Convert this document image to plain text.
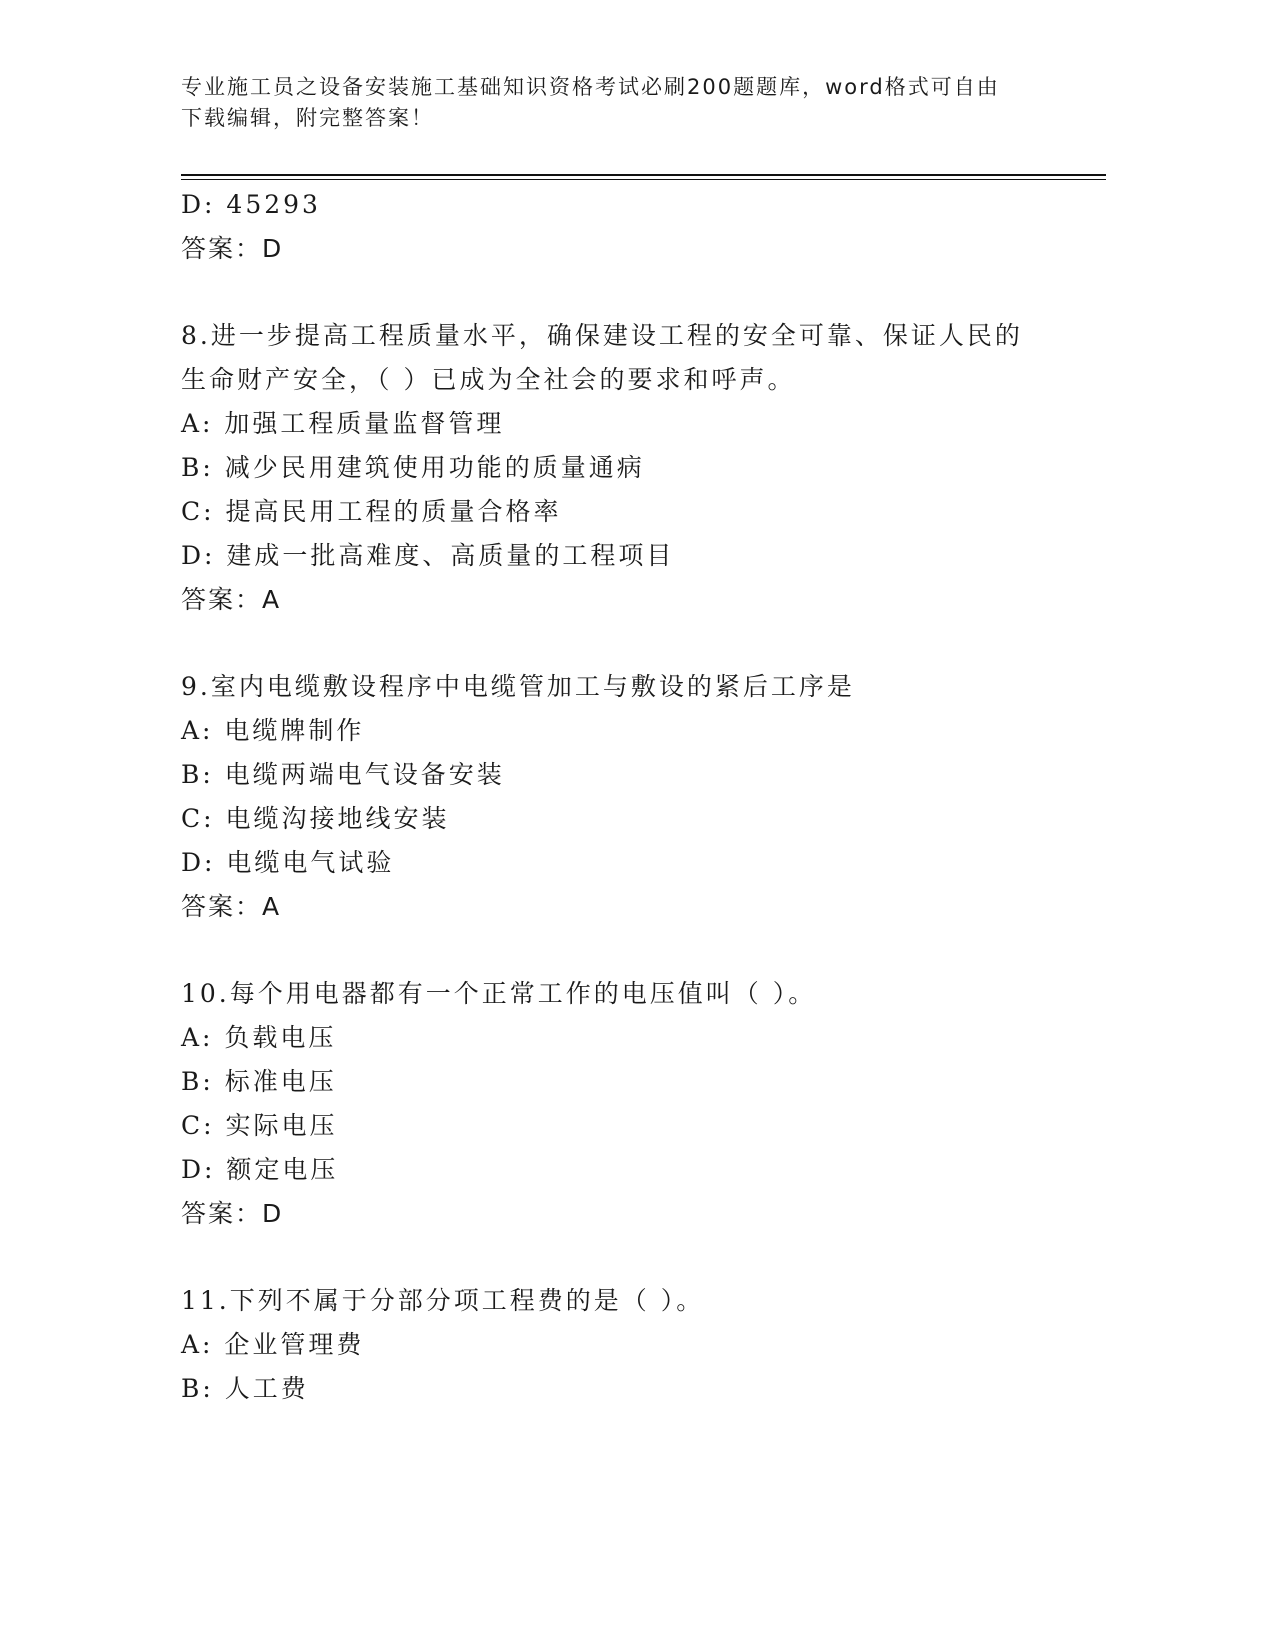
专业施工员之设备安装施工基础知识资格考试必刷200题题库，word格式可自由
下载编辑，附完整答案！
D: 45293
答案：D
8.进一步提高工程质量水平，确保建设工程的安全可靠、保证人民的
生命财产安全，（ ）已成为全社会的要求和呼声。
A: 加强工程质量监督管理
B: 减少民用建筑使用功能的质量通病
C: 提高民用工程的质量合格率
D: 建成一批高难度、高质量的工程项目
答案：A
9.室内电缆敷设程序中电缆管加工与敷设的紧后工序是
A: 电缆牌制作
B: 电缆两端电气设备安装
C: 电缆沟接地线安装
D: 电缆电气试验
答案：A
10.每个用电器都有一个正常工作的电压值叫（ ）。
A: 负载电压
B: 标准电压
C: 实际电压
D: 额定电压
答案：D
11.下列不属于分部分项工程费的是（ ）。
A: 企业管理费
B: 人工费
